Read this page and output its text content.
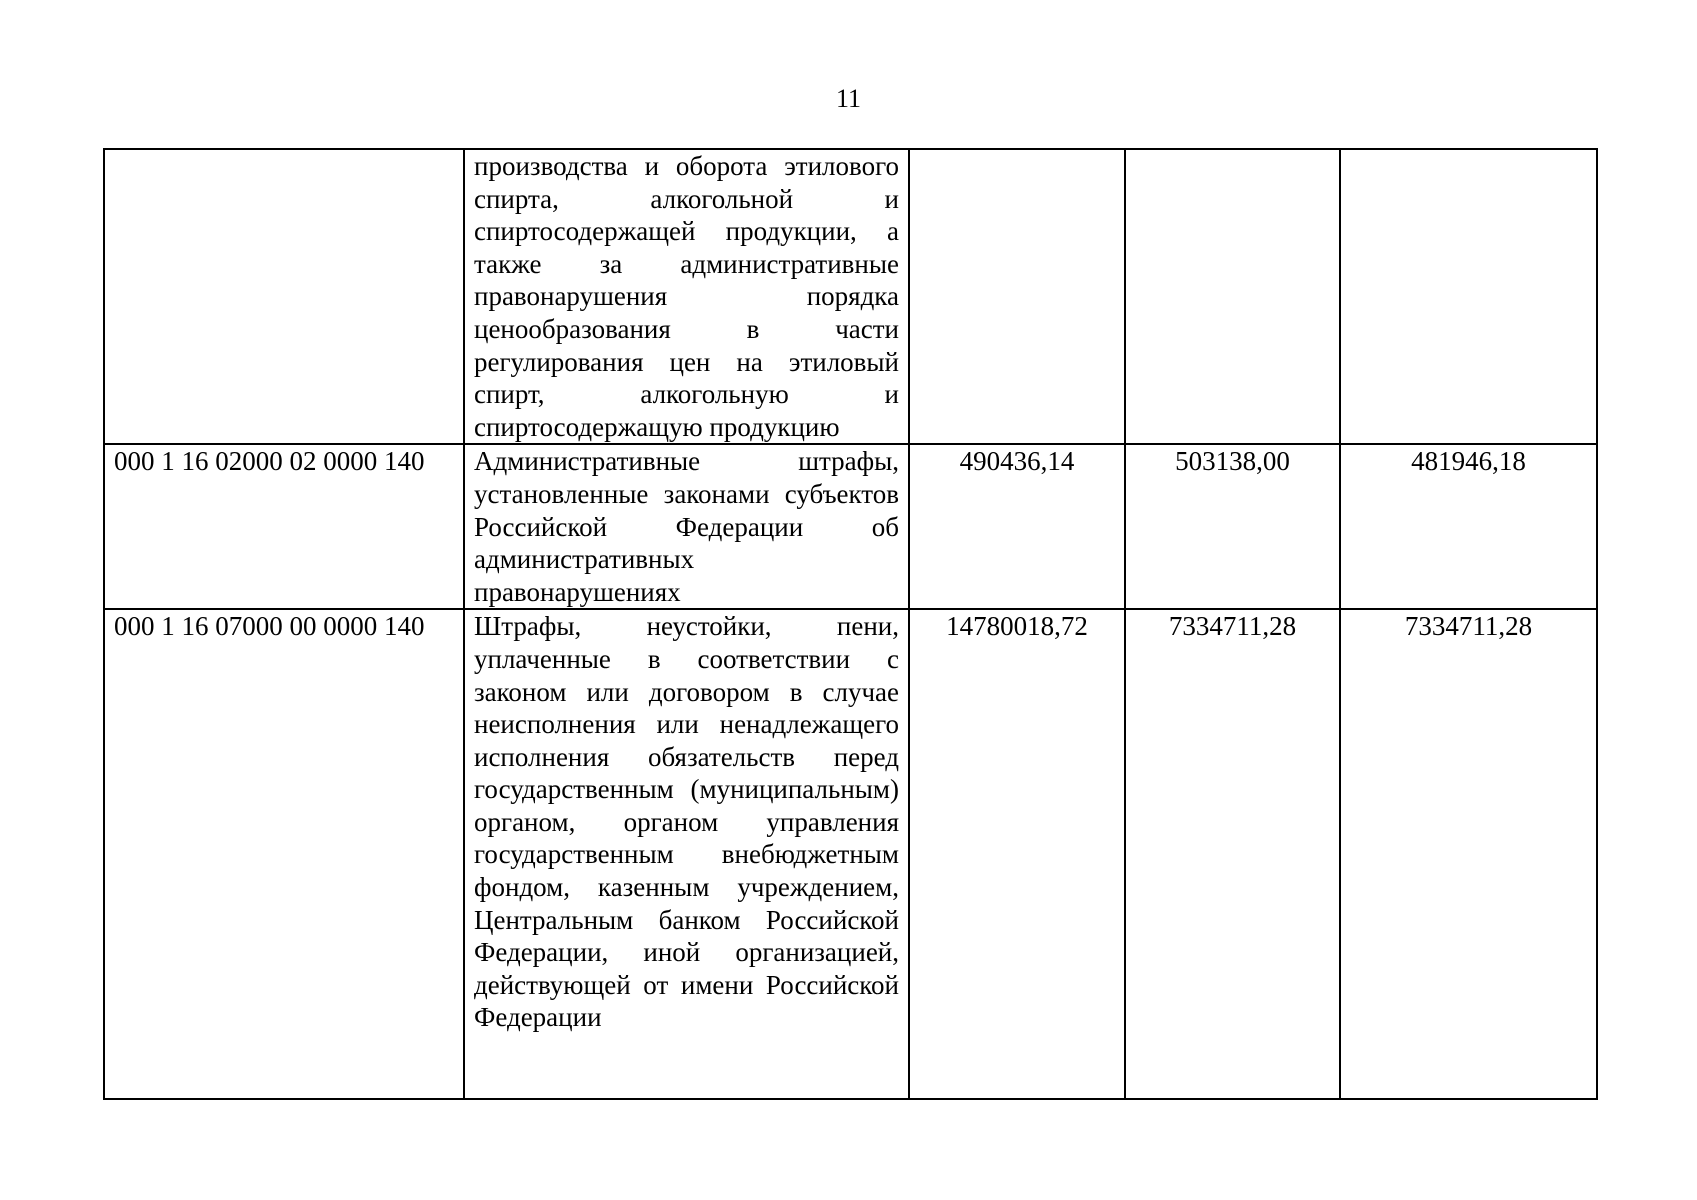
11
	производства и оборота этилового спирта, алкогольной и спиртосодержащей продукции, а также за административные правонарушения порядка ценообразования в части регулирования цен на этиловый спирт, алкогольную и спиртосодержащую продукцию			
000 1 16 02000 02 0000 140	Административные штрафы, установленные законами субъектов Российской Федерации об административных правонарушениях	490436,14	503138,00	481946,18
000 1 16 07000 00 0000 140	Штрафы, неустойки, пени, уплаченные в соответствии с законом или договором в случае неисполнения или ненадлежащего исполнения обязательств перед государственным (муниципальным) органом, органом управления государственным внебюджетным фондом, казенным учреждением, Центральным банком Российской Федерации, иной организацией, действующей от имени Российской Федерации	14780018,72	7334711,28	7334711,28
